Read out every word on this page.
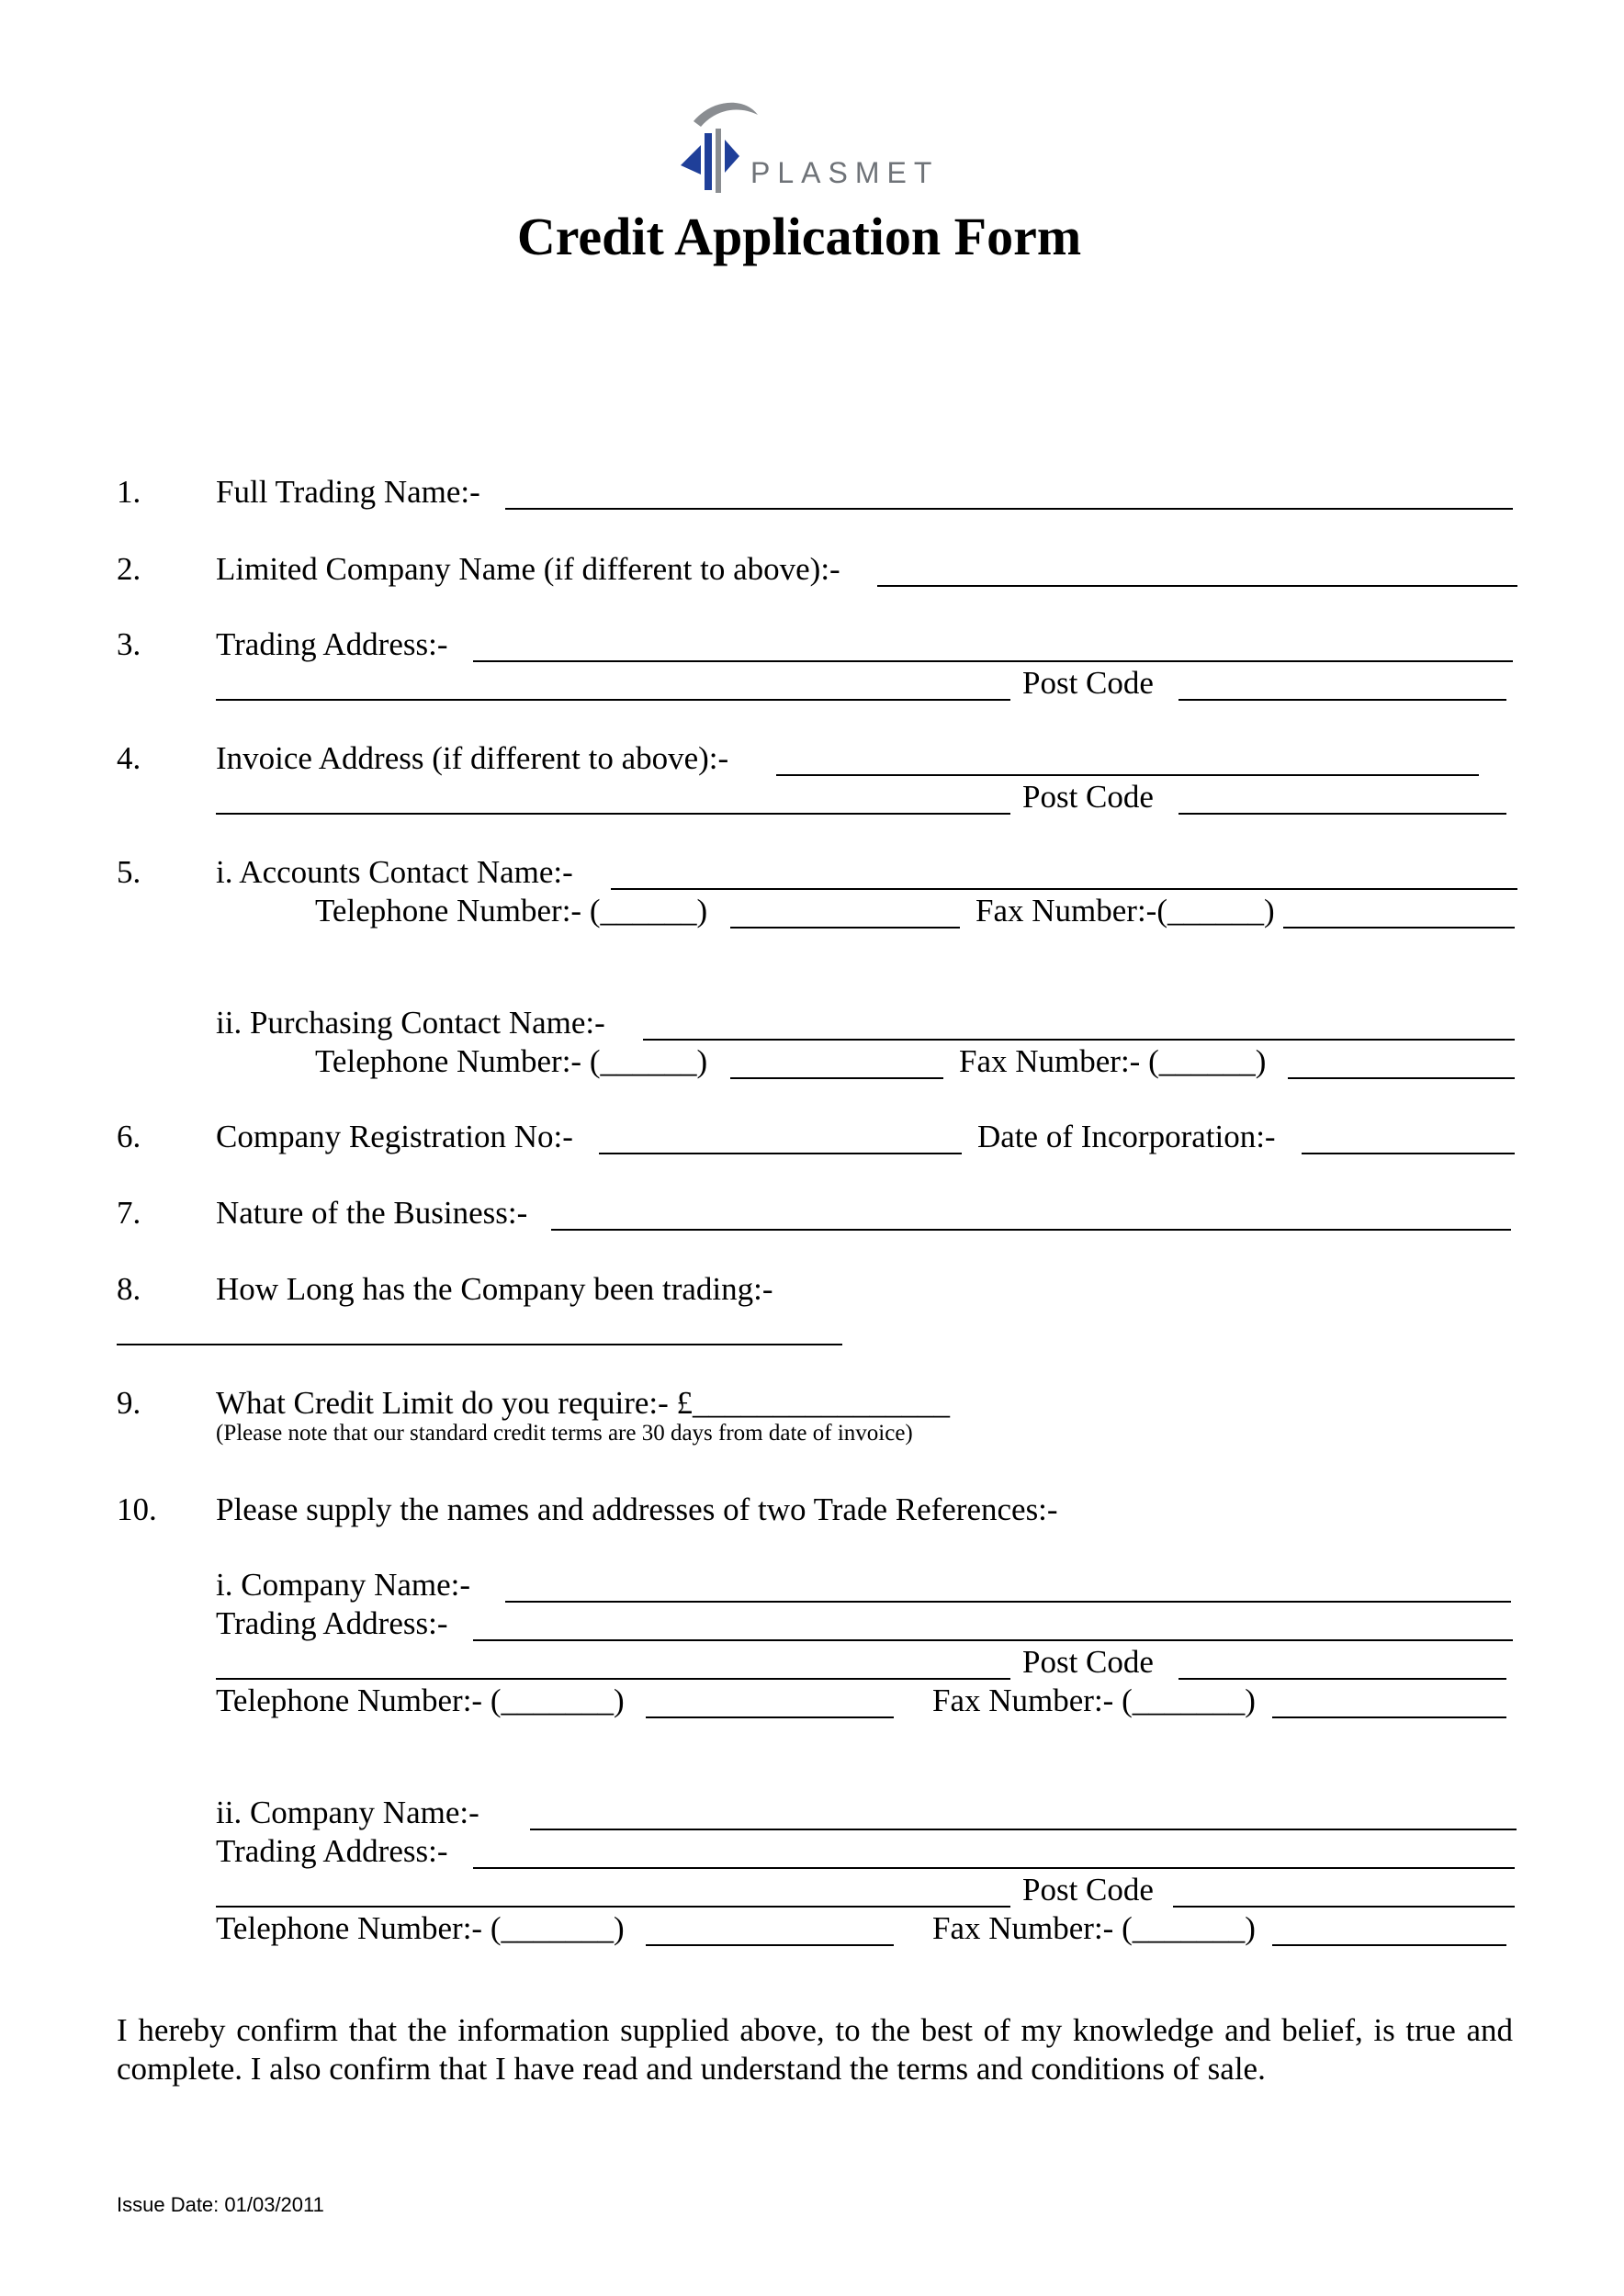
PLASMET
Credit Application Form
1. Full Trading Name:-
2. Limited Company Name (if different to above):-
3. Trading Address:-
Post Code
4. Invoice Address (if different to above):-
Post Code
5. i. Accounts Contact Name:-
Telephone Number:- (______)	Fax Number:-(______)
ii. Purchasing Contact Name:-
Telephone Number:- (______)	Fax Number:- (______)
6. Company Registration No:-	Date of Incorporation:-
7. Nature of the Business:-
8. How Long has the Company been trading:-
9. What Credit Limit do you require:- £________________
(Please note that our standard credit terms are 30 days from date of invoice)
10. Please supply the names and addresses of two Trade References:-
i. Company Name:-
Trading Address:-
Post Code
Telephone Number:- (_______)	Fax Number:- (_______)
ii. Company Name:-
Trading Address:-
Post Code
Telephone Number:- (_______)	Fax Number:- (_______)
I hereby confirm that the information supplied above, to the best of my knowledge and belief, is true and complete. I also confirm that I have read and understand the terms and conditions of sale.
Issue Date: 01/03/2011
